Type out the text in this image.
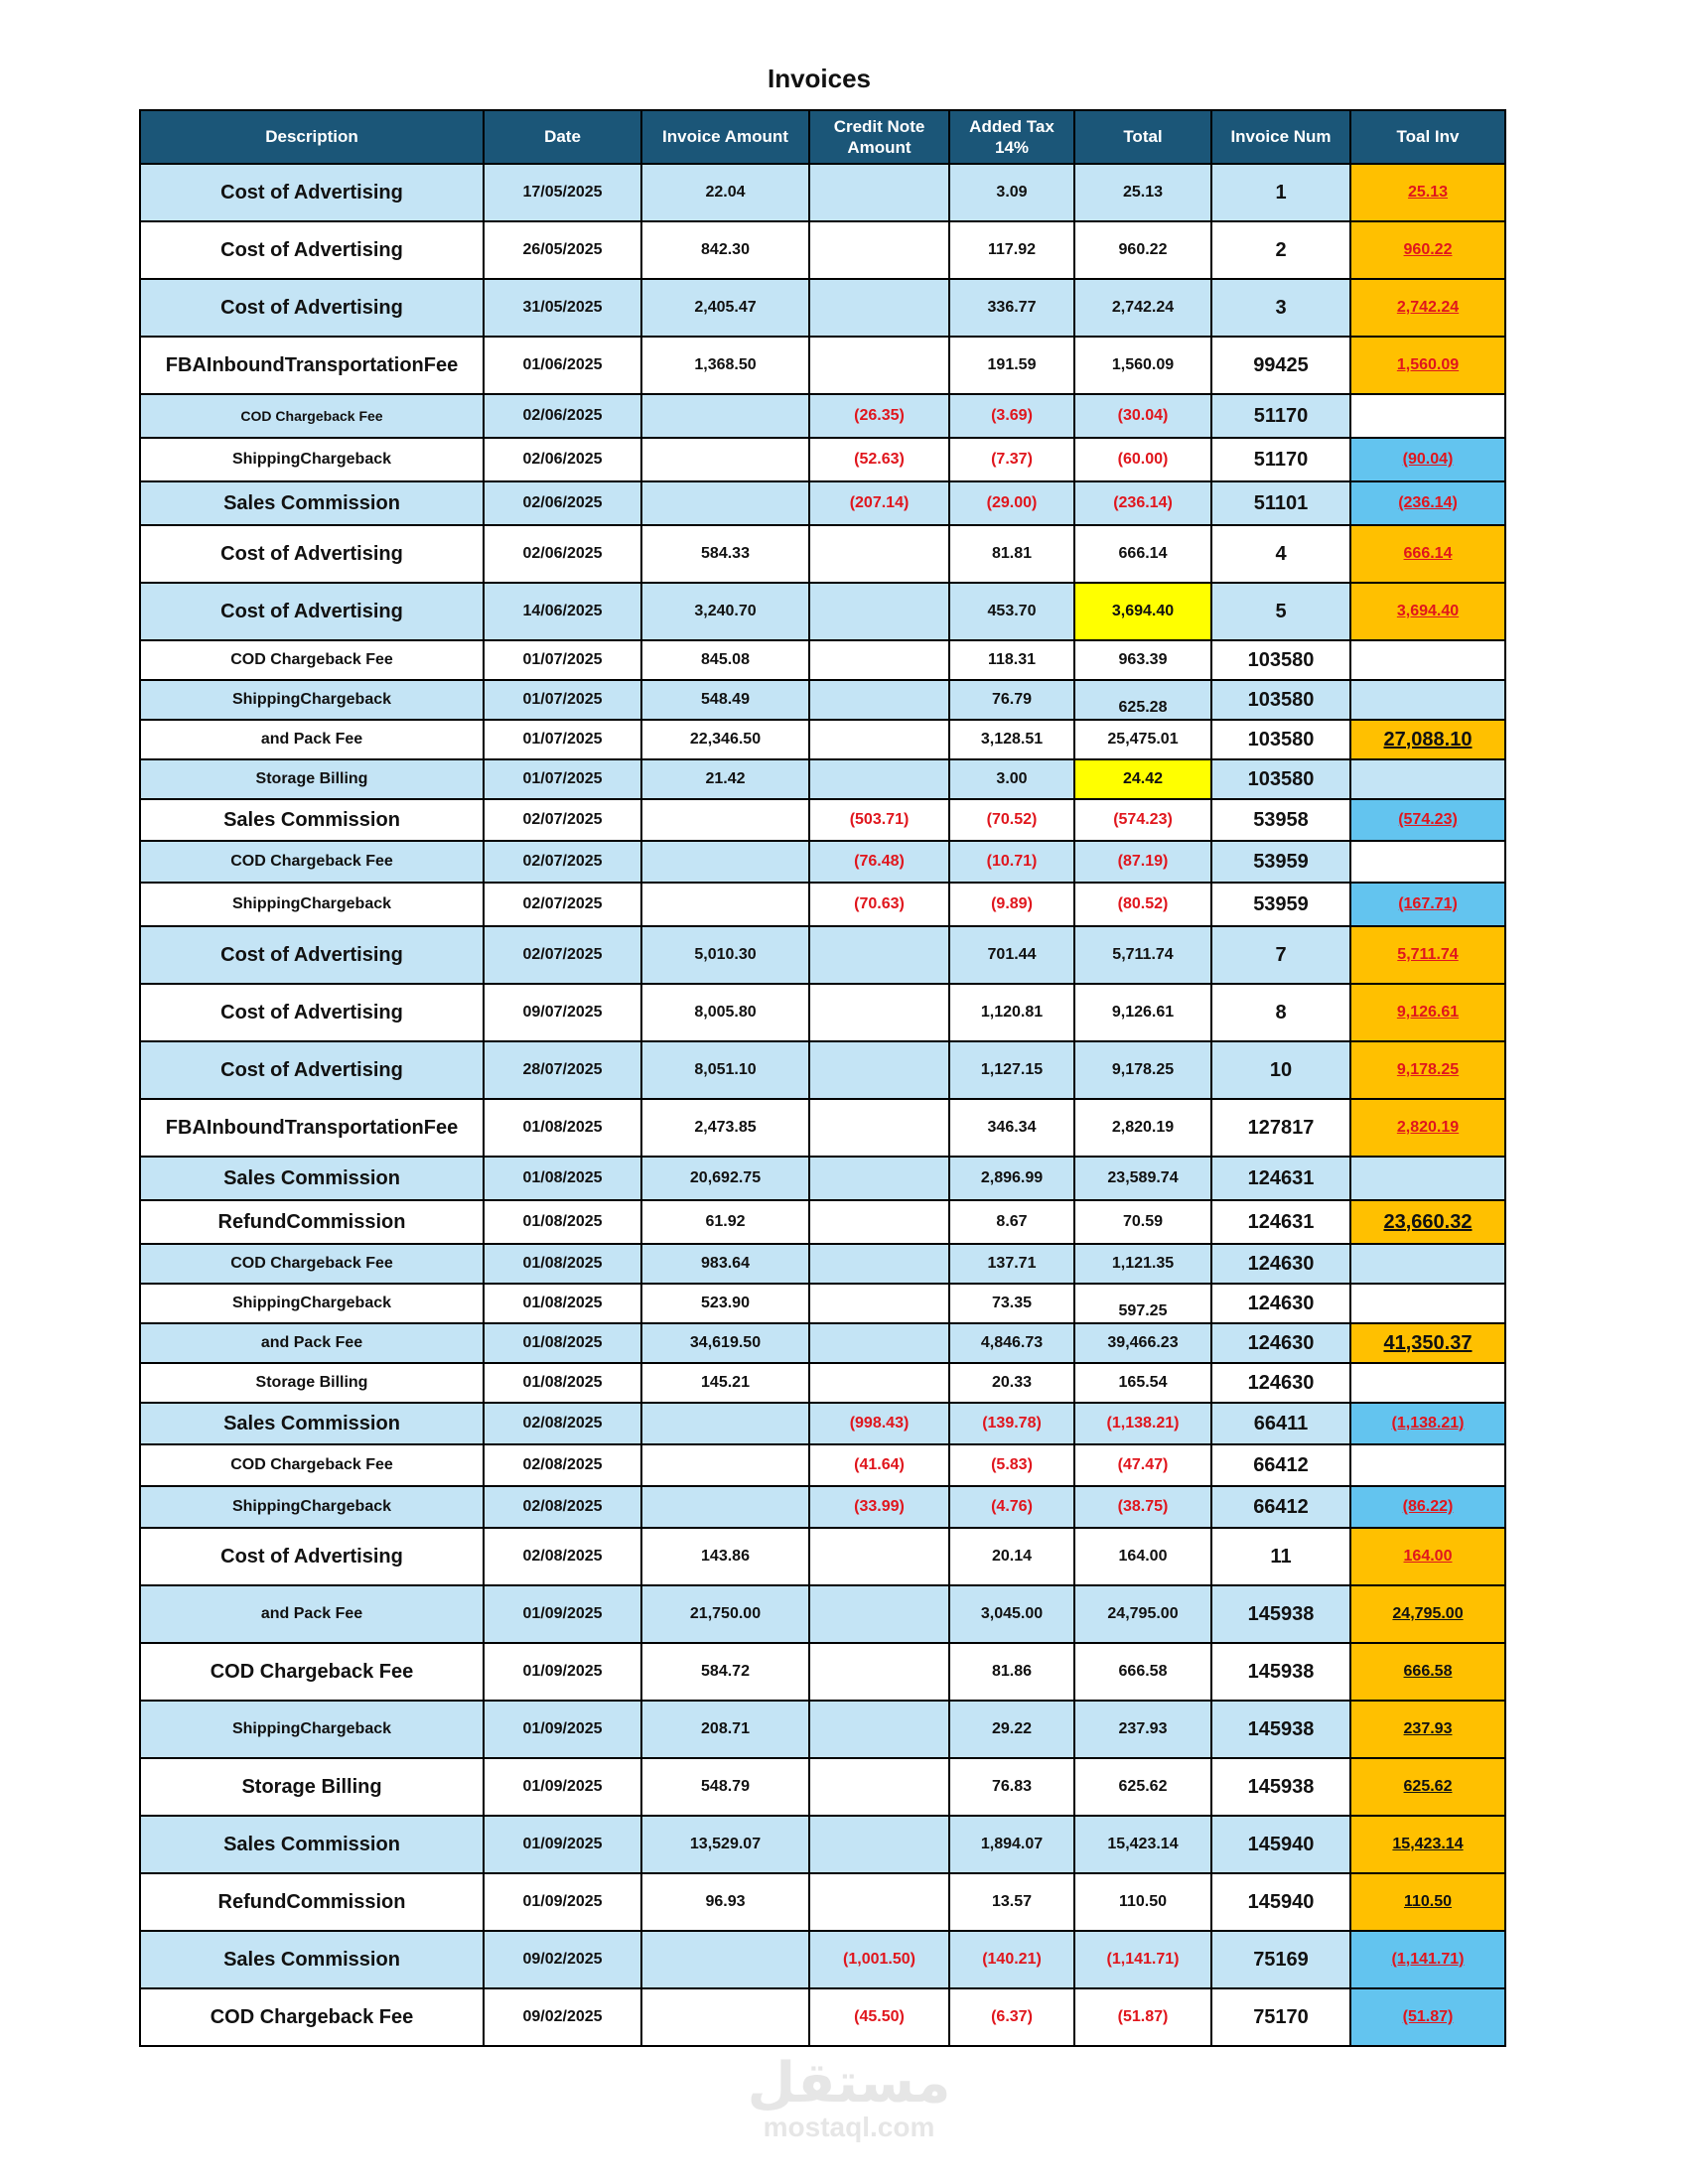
Invoices
Description	Date	Invoice Amount	Credit Note Amount	Added Tax 14%	Total	Invoice Num	Toal Inv
Cost of Advertising	17/05/2025	22.04		3.09	25.13	1	25.13
Cost of Advertising	26/05/2025	842.30		117.92	960.22	2	960.22
Cost of Advertising	31/05/2025	2,405.47		336.77	2,742.24	3	2,742.24
FBAInboundTransportationFee	01/06/2025	1,368.50		191.59	1,560.09	99425	1,560.09
COD Chargeback Fee	02/06/2025		(26.35)	(3.69)	(30.04)	51170	
ShippingChargeback	02/06/2025		(52.63)	(7.37)	(60.00)	51170	(90.04)
Sales Commission	02/06/2025		(207.14)	(29.00)	(236.14)	51101	(236.14)
Cost of Advertising	02/06/2025	584.33		81.81	666.14	4	666.14
Cost of Advertising	14/06/2025	3,240.70		453.70	3,694.40	5	3,694.40
COD Chargeback Fee	01/07/2025	845.08		118.31	963.39	103580	
ShippingChargeback	01/07/2025	548.49		76.79	625.28	103580	
and Pack Fee	01/07/2025	22,346.50		3,128.51	25,475.01	103580	27,088.10
Storage Billing	01/07/2025	21.42		3.00	24.42	103580	
Sales Commission	02/07/2025		(503.71)	(70.52)	(574.23)	53958	(574.23)
COD Chargeback Fee	02/07/2025		(76.48)	(10.71)	(87.19)	53959	
ShippingChargeback	02/07/2025		(70.63)	(9.89)	(80.52)	53959	(167.71)
Cost of Advertising	02/07/2025	5,010.30		701.44	5,711.74	7	5,711.74
Cost of Advertising	09/07/2025	8,005.80		1,120.81	9,126.61	8	9,126.61
Cost of Advertising	28/07/2025	8,051.10		1,127.15	9,178.25	10	9,178.25
FBAInboundTransportationFee	01/08/2025	2,473.85		346.34	2,820.19	127817	2,820.19
Sales Commission	01/08/2025	20,692.75		2,896.99	23,589.74	124631	
RefundCommission	01/08/2025	61.92		8.67	70.59	124631	23,660.32
COD Chargeback Fee	01/08/2025	983.64		137.71	1,121.35	124630	
ShippingChargeback	01/08/2025	523.90		73.35	597.25	124630	
and Pack Fee	01/08/2025	34,619.50		4,846.73	39,466.23	124630	41,350.37
Storage Billing	01/08/2025	145.21		20.33	165.54	124630	
Sales Commission	02/08/2025		(998.43)	(139.78)	(1,138.21)	66411	(1,138.21)
COD Chargeback Fee	02/08/2025		(41.64)	(5.83)	(47.47)	66412	
ShippingChargeback	02/08/2025		(33.99)	(4.76)	(38.75)	66412	(86.22)
Cost of Advertising	02/08/2025	143.86		20.14	164.00	11	164.00
and Pack Fee	01/09/2025	21,750.00		3,045.00	24,795.00	145938	24,795.00
COD Chargeback Fee	01/09/2025	584.72		81.86	666.58	145938	666.58
ShippingChargeback	01/09/2025	208.71		29.22	237.93	145938	237.93
Storage Billing	01/09/2025	548.79		76.83	625.62	145938	625.62
Sales Commission	01/09/2025	13,529.07		1,894.07	15,423.14	145940	15,423.14
RefundCommission	01/09/2025	96.93		13.57	110.50	145940	110.50
Sales Commission	09/02/2025		(1,001.50)	(140.21)	(1,141.71)	75169	(1,141.71)
COD Chargeback Fee	09/02/2025		(45.50)	(6.37)	(51.87)	75170	(51.87)
مستقل
mostaql.com
